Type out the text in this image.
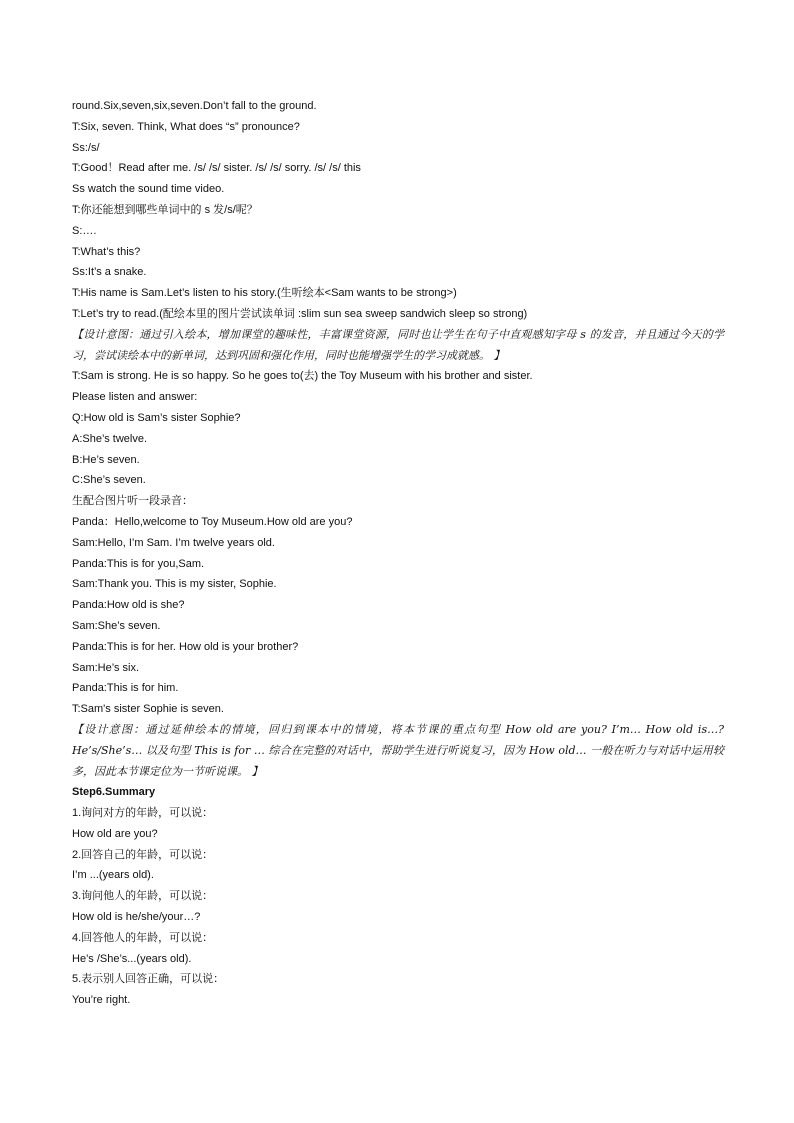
round.Six,seven,six,seven.Don’t fall to the ground.
T:Six, seven. Think, What does “s” pronounce?
Ss:/s/
T:Good！Read after me. /s/ /s/ sister. /s/ /s/ sorry. /s/ /s/ this
Ss watch the sound time video.
T:你还能想到哪些单词中的 s 发/s/呢？
S:….
T:What’s this?
Ss:It’s a snake.
T:His name is Sam.Let’s listen to his story.(生听绘本<Sam wants to be strong>)
T:Let’s try to read.(配绘本里的图片尝试读单词 :slim sun sea sweep sandwich sleep so strong)
【设计意图：通过引入绘本，增加课堂的趣味性，丰富课堂资源，同时也让学生在句子中直观感知字母 s 的发音，并且通过今天的学习，尝试读绘本中的新单词，达到巩固和强化作用，同时也能增强学生的学习成就感。 】
T:Sam is strong. He is so happy. So he goes to(去) the Toy Museum with his brother and sister.
Please listen and answer:
Q:How old is Sam’s sister Sophie?
A:She’s twelve.
B:He’s seven.
C:She’s seven.
生配合图片听一段录音：
Panda：Hello,welcome to Toy Museum.How old are you?
Sam:Hello, I’m Sam. I’m twelve years old.
Panda:This is for you,Sam.
Sam:Thank you. This is my sister, Sophie.
Panda:How old is she?
Sam:She’s seven.
Panda:This is for her. How old is your brother?
Sam:He’s six.
Panda:This is for him.
T:Sam's sister Sophie is seven.
【设计意图：通过延伸绘本的情境，回归到课本中的情境，将本节课的重点句型 How old are you? I’m… How old is…? He’s/She’s… 以及句型 This is for … 综合在完整的对话中，帮助学生进行听说复习，因为 How old… 一般在听力与对话中运用较多，因此本节课定位为一节听说课。 】
Step6.Summary
1.询问对方的年龄，可以说：
How old are you?
2.回答自己的年龄，可以说：
I’m ...(years old).
3.询问他人的年龄，可以说：
How old is he/she/your…?
4.回答他人的年龄，可以说：
He’s /She’s...(years old).
5.表示别人回答正确，可以说：
You’re right.
